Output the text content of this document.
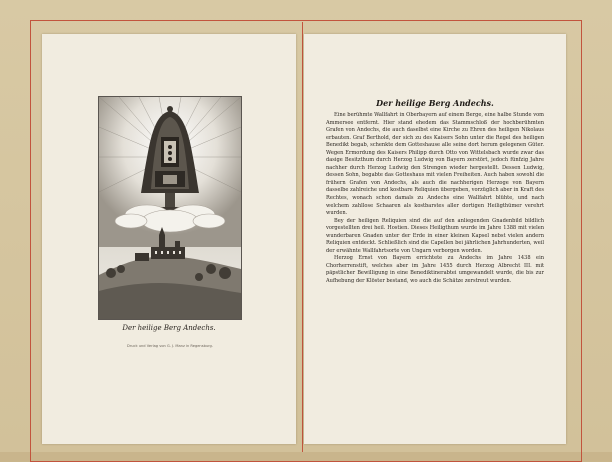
Der heilige Berg Andechs.
Druck und Verlag von G. J. Manz in Regensburg.
Der heilige Berg Andechs.

Eine berühmte Wallfahrt in Oberbayern auf einem Berge, eine halbe Stunde vom Ammersee entfernt. Hier stand ehedem das Stammschloß der hochberühmten Grafen von Andechs, die auch daselbst eine Kirche zu Ehren des heiligen Nikolaus erbauten. Graf Berthold, der sich zu des Kaisers Sohn unter die Regel des heiligen Benedikt begab, schenkte dem Gotteshause alle seine dort herum gelegenen Güter. Wegen Ermordung des Kaisers Philipp durch Otto von Wittelsbach wurde zwar das dasige Besitzthum durch Herzog Ludwig von Bayern zerstört, jedoch fünfzig Jahre nachher durch Herzog Ludwig den Strengen wieder hergestellt. Dessen Ludwig, dessen Sohn, begabte das Gotteshaus mit vielen Freiheiten. Auch haben sowohl die frühern Grafen von Andechs, als auch die nachherigen Herzoge von Bayern dasselbe zahlreiche und kostbare Reliquien übergeben, vorzüglich aber in Kraft des Rechtes, wonach schon damals zu Andechs eine Wallfahrt blühte, und nach welchem zahllose Schaaren als kostbarstes aller dortigen Heiligthümer verehrt wurden.

Bey der heiligen Reliquien sind die auf den anliegenden Gnadenbild bildlich vorgestellten drei heil. Hostien. Dieses Heiligthum wurde im Jahre 1388 mit vielen wunderbaren Gnaden unter der Erde in einer kleinen Kapsel nebst vielen andern Reliquien entdeckt. Schließlich sind die Capellen bei jährlichen Jahrhunderten, weil der erwähnte Wallfahrtsorte von Ungarn verborgen worden.

Herzog Ernst von Bayern errichtete zu Andechs im Jahre 1438 ein Chorherrenstift, welches aber im Jahre 1455 durch Herzog Albrecht III. mit päpstlicher Bewilligung in eine Benediktinerabtei umgewandelt wurde, die bis zur Aufhebung der Klöster bestand, wo auch die Schätze zerstreut wurden.
